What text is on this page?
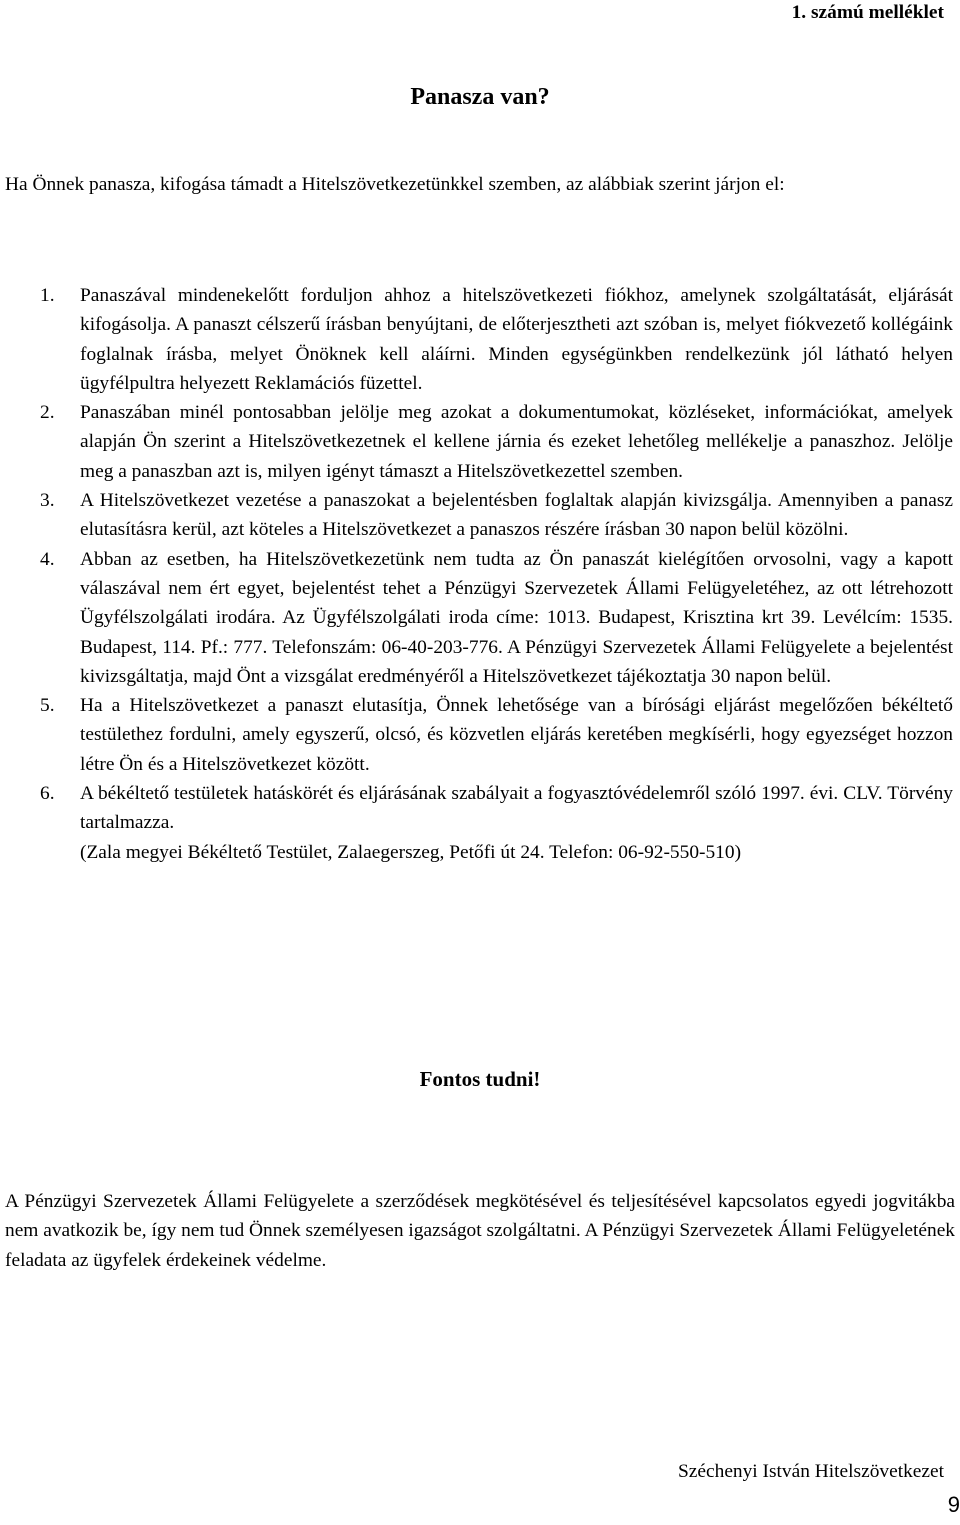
1. számú melléklet
Panasza van?
Ha Önnek panasza, kifogása támadt a Hitelszövetkezetünkkel szemben, az alábbiak szerint járjon el:
1. Panaszával mindenekelőtt forduljon ahhoz a hitelszövetkezeti fiókhoz, amelynek szolgáltatását, eljárását kifogásolja. A panaszt célszerű írásban benyújtani, de előterjesztheti azt szóban is, melyet fiókvezető kollégáink foglalnak írásba, melyet Önöknek kell aláírni. Minden egységünkben rendelkezünk jól látható helyen ügyfélpultra helyezett Reklamációs füzettel.
2. Panaszában minél pontosabban jelölje meg azokat a dokumentumokat, közléseket, információkat, amelyek alapján Ön szerint a Hitelszövetkezetnek el kellene járnia és ezeket lehetőleg mellékelje a panaszhoz. Jelölje meg a panaszban azt is, milyen igényt támaszt a Hitelszövetkezettel szemben.
3. A Hitelszövetkezet vezetése a panaszokat a bejelentésben foglaltak alapján kivizsgálja. Amennyiben a panasz elutasításra kerül, azt köteles a Hitelszövetkezet a panaszos részére írásban 30 napon belül közölni.
4. Abban az esetben, ha Hitelszövetkezetünk nem tudta az Ön panaszát kielégítően orvosolni, vagy a kapott válaszával nem ért egyet, bejelentést tehet a Pénzügyi Szervezetek Állami Felügyeletéhez, az ott létrehozott Ügyfélszolgálati irodára. Az Ügyfélszolgálati iroda címe: 1013. Budapest, Krisztina krt 39. Levélcím: 1535. Budapest, 114. Pf.: 777. Telefonszám: 06-40-203-776. A Pénzügyi Szervezetek Állami Felügyelete a bejelentést kivizsgáltatja, majd Önt a vizsgálat eredményéről a Hitelszövetkezet tájékoztatja 30 napon belül.
5. Ha a Hitelszövetkezet a panaszt elutasítja, Önnek lehetősége van a bírósági eljárást megelőzően békéltető testülethez fordulni, amely egyszerű, olcsó, és közvetlen eljárás keretében megkísérli, hogy egyezséget hozzon létre Ön és a Hitelszövetkezet között.
6. A békéltető testületek hatáskörét és eljárásának szabályait a fogyasztóvédelemről szóló 1997. évi. CLV. Törvény tartalmazza.
(Zala megyei Békéltető Testület, Zalaegerszeg, Petőfi út 24. Telefon: 06-92-550-510)
Fontos tudni!
A Pénzügyi Szervezetek Állami Felügyelete a szerződések megkötésével és teljesítésével kapcsolatos egyedi jogvitákba nem avatkozik be, így nem tud Önnek személyesen igazságot szolgáltatni. A Pénzügyi Szervezetek Állami Felügyeletének feladata az ügyfelek érdekeinek védelme.
Széchenyi István Hitelszövetkezet
9
